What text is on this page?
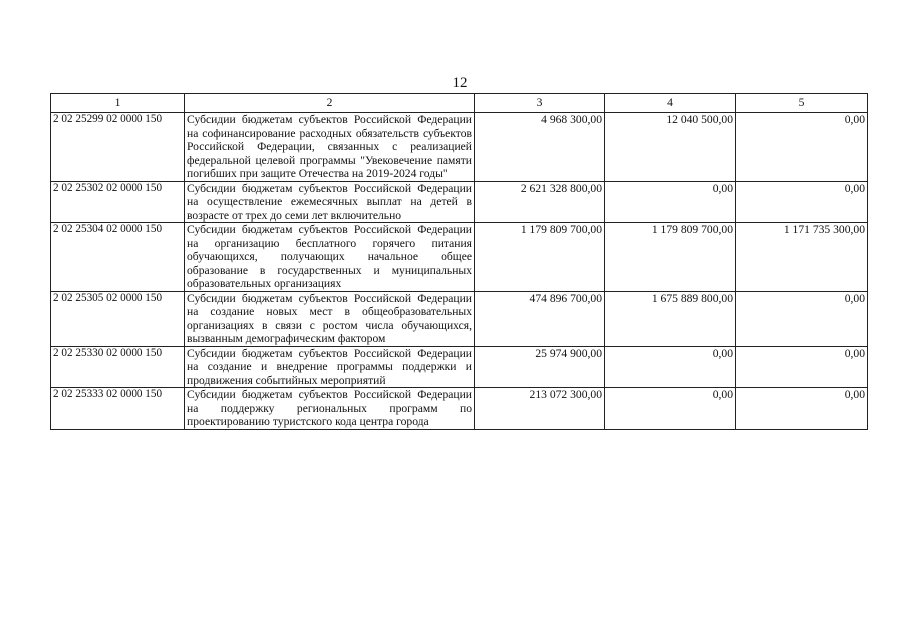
12
1	2	3	4	5
2 02 25299 02 0000 150	Субсидии бюджетам субъектов Российской Федерации на софинансирование расходных обязательств субъектов Российской Федерации, связанных с реализацией федеральной целевой программы "Увековечение памяти погибших при защите Отечества на 2019-2024 годы"	4 968 300,00	12 040 500,00	0,00
2 02 25302 02 0000 150	Субсидии бюджетам субъектов Российской Федерации на осуществление ежемесячных выплат на детей в возрасте от трех до семи лет включительно	2 621 328 800,00	0,00	0,00
2 02 25304 02 0000 150	Субсидии бюджетам субъектов Российской Федерации на организацию бесплатного горячего питания обучающихся, получающих начальное общее образование в государственных и муниципальных образовательных организациях	1 179 809 700,00	1 179 809 700,00	1 171 735 300,00
2 02 25305 02 0000 150	Субсидии бюджетам субъектов Российской Федерации на создание новых мест в общеобразовательных организациях в связи с ростом числа обучающихся, вызванным демографическим фактором	474 896 700,00	1 675 889 800,00	0,00
2 02 25330 02 0000 150	Субсидии бюджетам субъектов Российской Федерации на создание и внедрение программы поддержки и продвижения событийных мероприятий	25 974 900,00	0,00	0,00
2 02 25333 02 0000 150	Субсидии бюджетам субъектов Российской Федерации на поддержку региональных программ по проектированию туристского кода центра города	213 072 300,00	0,00	0,00
